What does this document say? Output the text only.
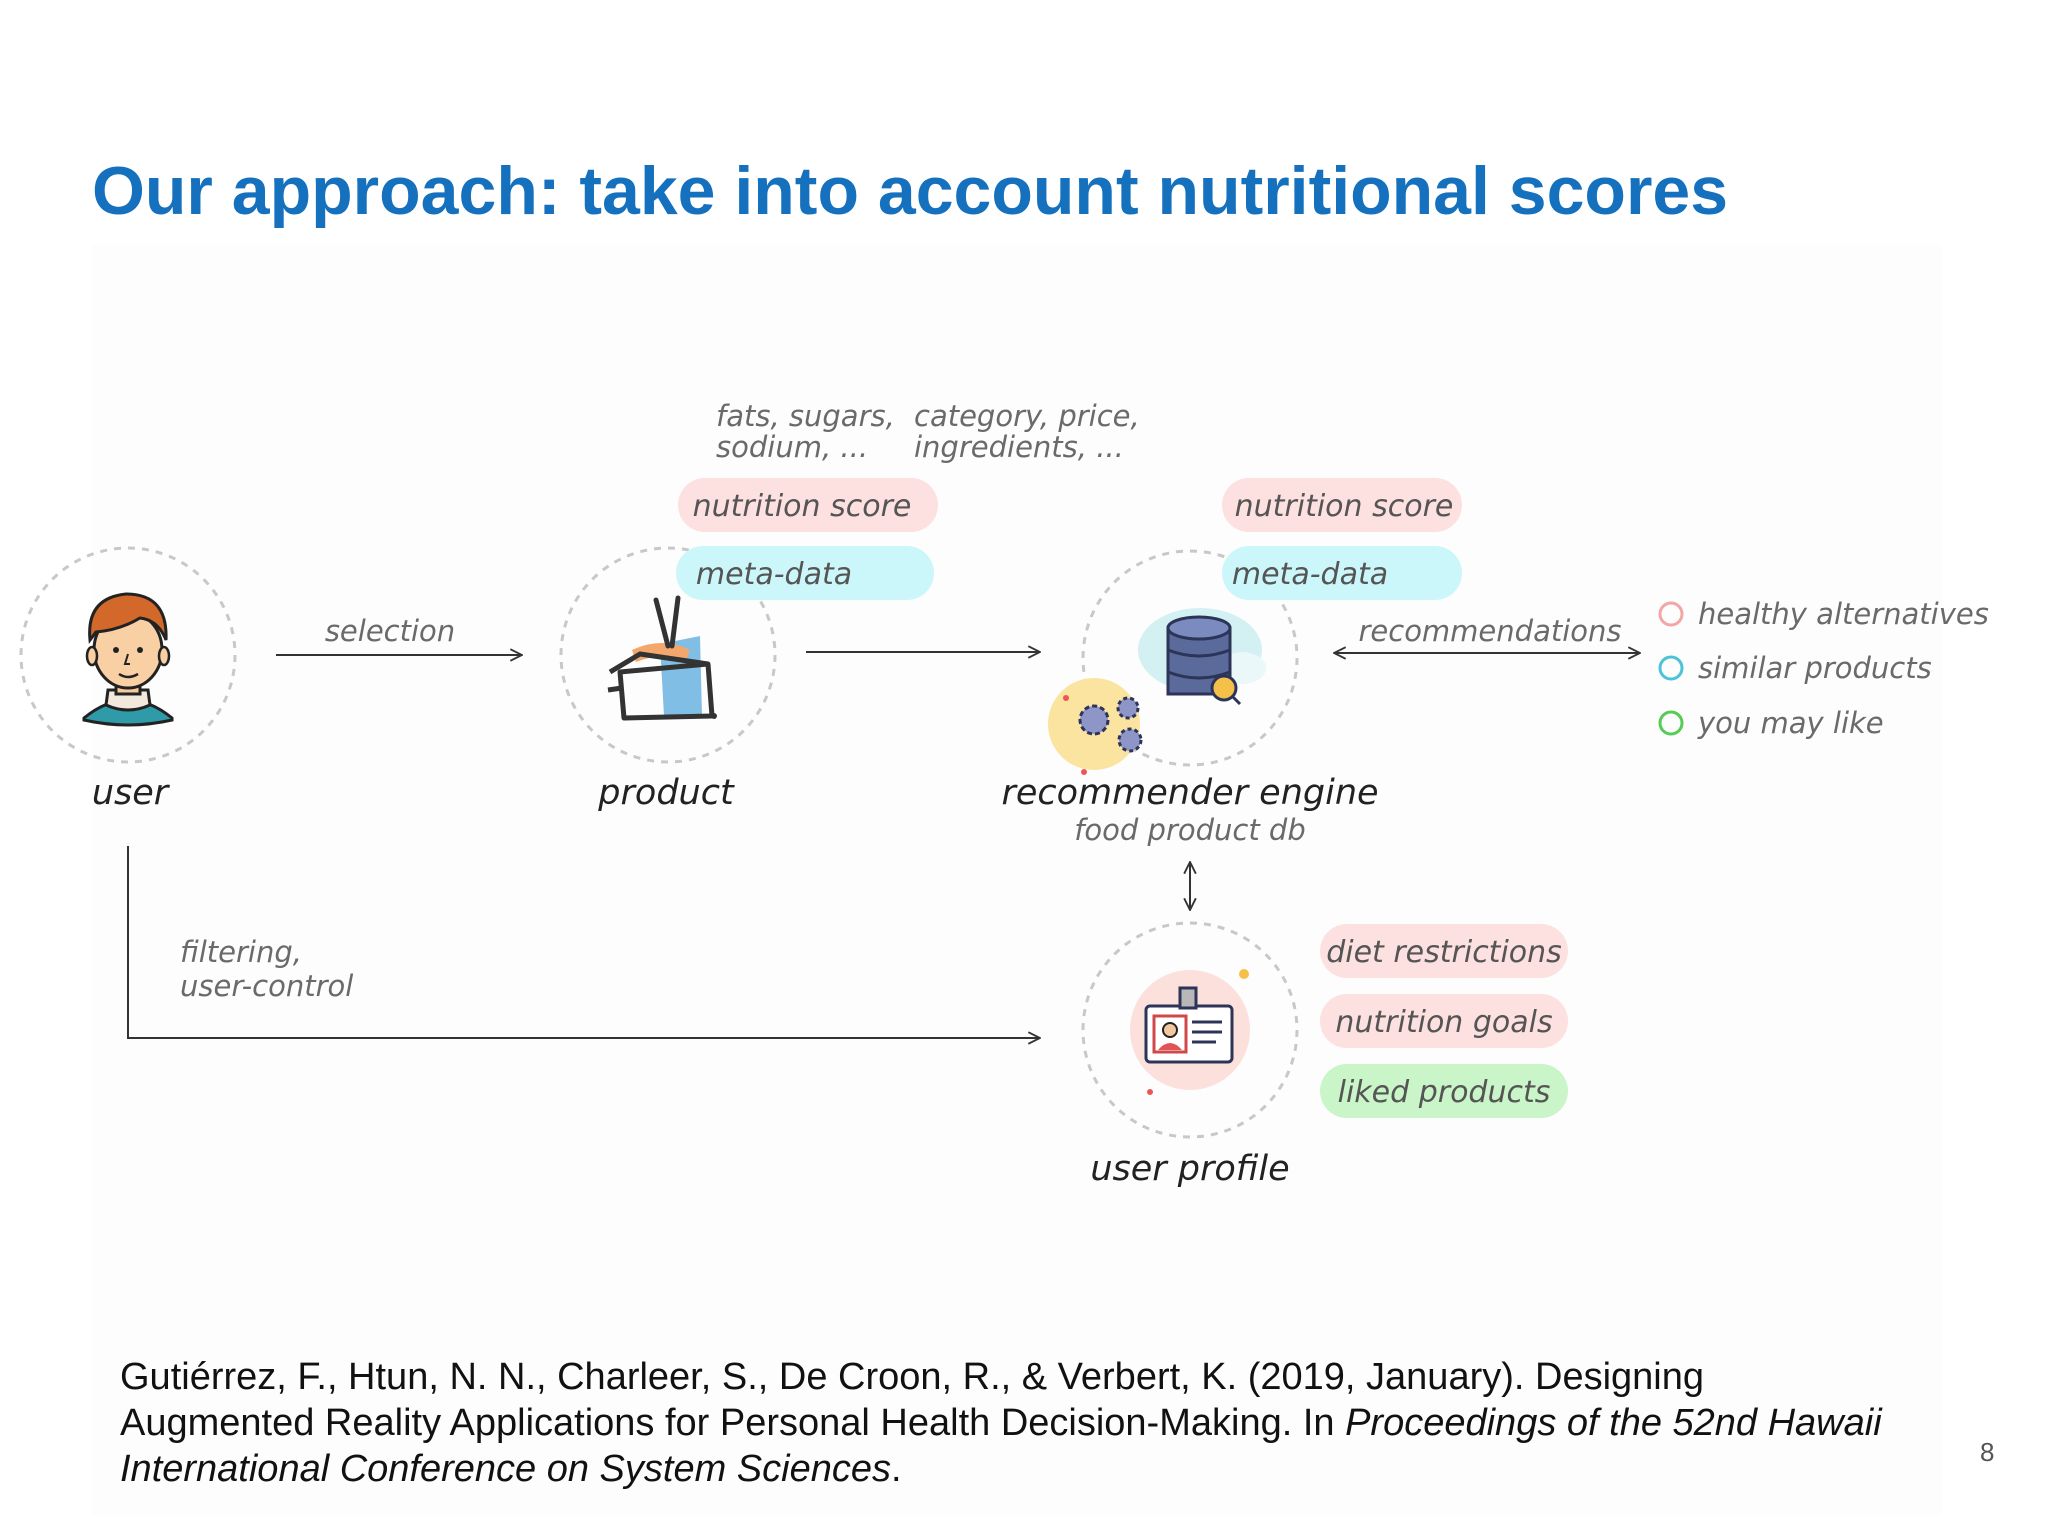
Our approach: take into account nutritional scores
selection	recommendations
filtering,
user-control
fats, sugars,
sodium, ...
category, price,
ingredients, ...
nutrition score
meta-data
nutrition score
meta-data
healthy alternatives
similar products
you may like
diet restrictions
nutrition goals
liked products
user	product	recommender engine
food product db
user profile
Gutiérrez, F., Htun, N. N., Charleer, S., De Croon, R., & Verbert, K. (2019, January). Designing Augmented Reality Applications for Personal Health Decision-Making. In Proceedings of the 52nd Hawaii International Conference on System Sciences.	8
